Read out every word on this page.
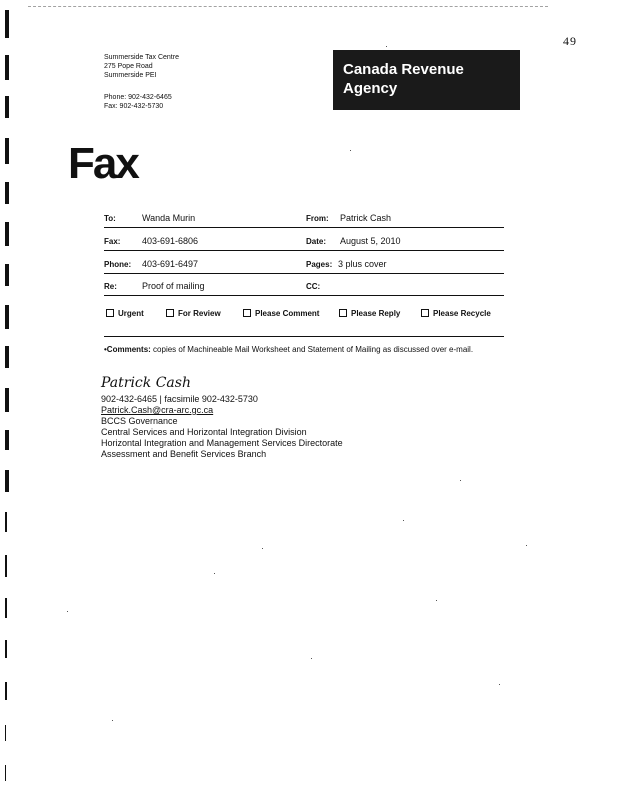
49
Summerside Tax Centre
275 Pope Road
Summerside PEI
Phone: 902-432-6465
Fax: 902-432-5730
Canada Revenue
Agency
Fax
To:	Wanda Murin	From: Patrick Cash
Fax: 403-691-6806	Date: August 5, 2010
Phone: 403-691-6497	Pages: 3 plus cover
Re:	Proof of mailing	CC:
Urgent	For Review	Please Comment	Please Reply	Please Recycle
•Comments: copies of Machineable Mail Worksheet and Statement of Mailing as discussed over e-mail.
Patrick Cash
902-432-6465 | facsimile 902-432-5730
Patrick.Cash@cra-arc.gc.ca
BCCS Governance
Central Services and Horizontal Integration Division
Horizontal Integration and Management Services Directorate
Assessment and Benefit Services Branch
